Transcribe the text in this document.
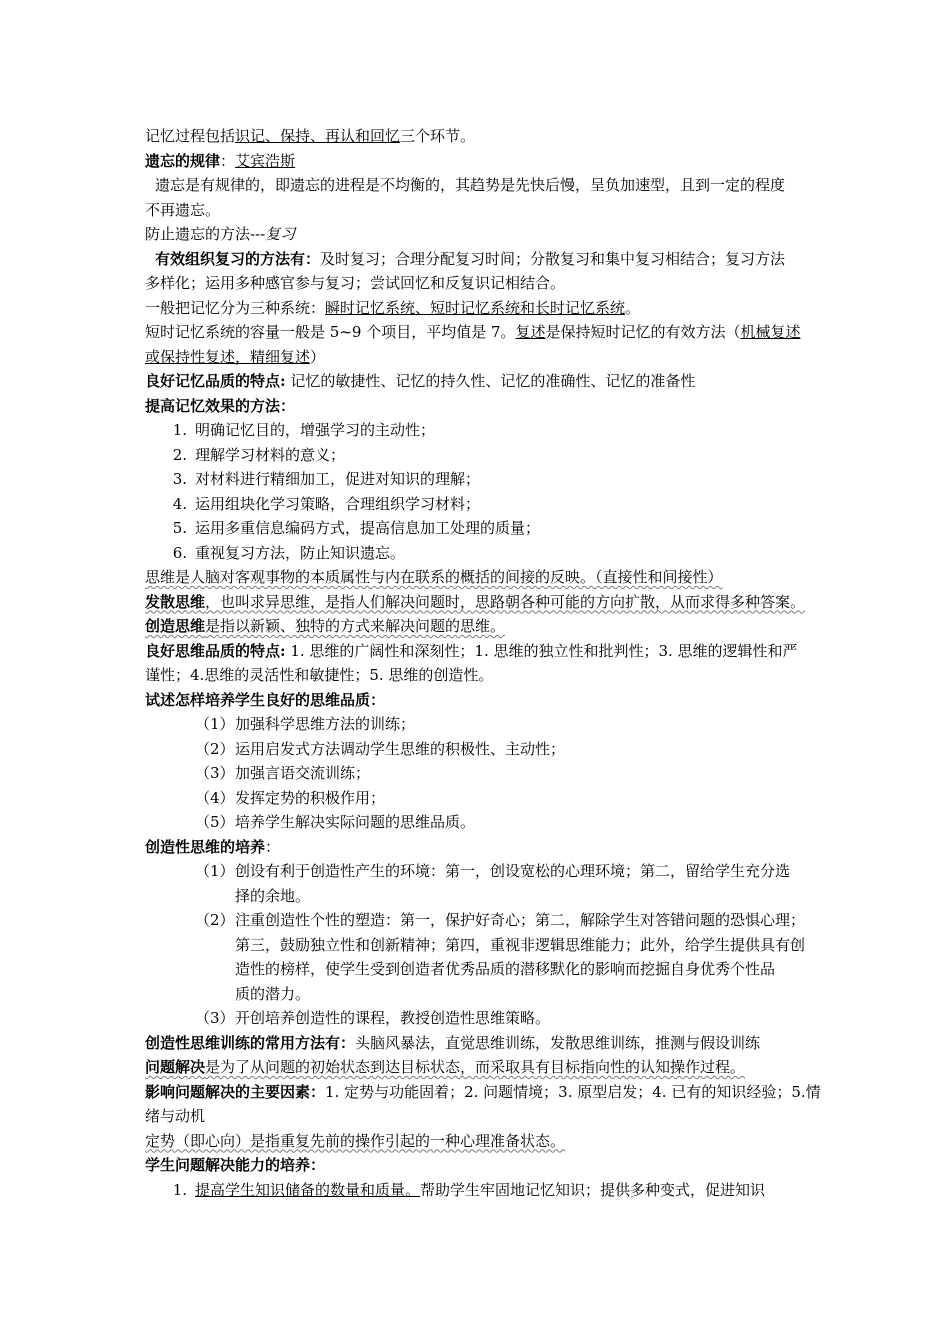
记忆过程包括识记、保持、再认和回忆三个环节。
遗忘的规律：艾宾浩斯
遗忘是有规律的，即遗忘的进程是不均衡的，其趋势是先快后慢，呈负加速型，且到一定的程度
不再遗忘。
防止遗忘的方法---复习
有效组织复习的方法有：及时复习；合理分配复习时间；分散复习和集中复习相结合；复习方法
多样化；运用多种感官参与复习；尝试回忆和反复识记相结合。
一般把记忆分为三种系统：瞬时记忆系统、短时记忆系统和长时记忆系统。
短时记忆系统的容量一般是 5~9 个项目，平均值是 7。复述是保持短时记忆的有效方法（机械复述
或保持性复述，精细复述）
良好记忆品质的特点: 记忆的敏捷性、记忆的持久性、记忆的准确性、记忆的准备性
提高记忆效果的方法：
1. 明确记忆目的，增强学习的主动性；
2. 理解学习材料的意义；
3. 对材料进行精细加工，促进对知识的理解；
4. 运用组块化学习策略，合理组织学习材料；
5. 运用多重信息编码方式，提高信息加工处理的质量；
6. 重视复习方法，防止知识遗忘。
思维是人脑对客观事物的本质属性与内在联系的概括的间接的反映。（直接性和间接性）
发散思维，也叫求异思维，是指人们解决问题时，思路朝各种可能的方向扩散，从而求得多种答案。
创造思维是指以新颖、独特的方式来解决问题的思维。
良好思维品质的特点: 1. 思维的广阔性和深刻性；1. 思维的独立性和批判性；3. 思维的逻辑性和严
谨性；4.思维的灵活性和敏捷性；5. 思维的创造性。
试述怎样培养学生良好的思维品质：
（1） 加强科学思维方法的训练；
（2） 运用启发式方法调动学生思维的积极性、主动性；
（3） 加强言语交流训练；
（4） 发挥定势的积极作用；
（5） 培养学生解决实际问题的思维品质。
创造性思维的培养：
（1） 创设有利于创造性产生的环境：第一，创设宽松的心理环境；第二，留给学生充分选
择的余地。
（2） 注重创造性个性的塑造：第一，保护好奇心；第二，解除学生对答错问题的恐惧心理；
第三，鼓励独立性和创新精神；第四，重视非逻辑思维能力；此外，给学生提供具有创
造性的榜样，使学生受到创造者优秀品质的潜移默化的影响而挖掘自身优秀个性品
质的潜力。
（3） 开创培养创造性的课程，教授创造性思维策略。
创造性思维训练的常用方法有：头脑风暴法，直觉思维训练，发散思维训练，推测与假设训练
问题解决是为了从问题的初始状态到达目标状态，而采取具有目标指向性的认知操作过程。
影响问题解决的主要因素：1. 定势与功能固着；2. 问题情境；3. 原型启发；4. 已有的知识经验；5.情
绪与动机
定势（即心向）是指重复先前的操作引起的一种心理准备状态。
学生问题解决能力的培养：
1. 提高学生知识储备的数量和质量。 帮助学生牢固地记忆知识；提供多种变式，促进知识
